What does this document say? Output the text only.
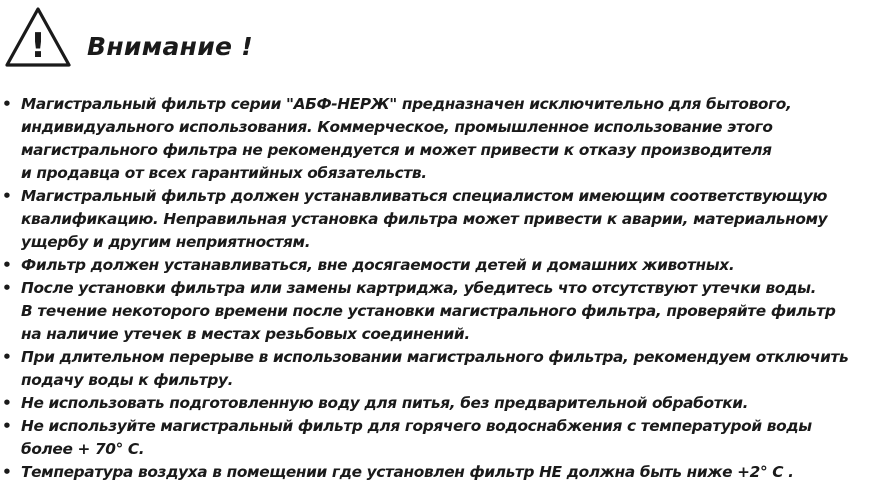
! Внимание !
• Магистральный фильтр серии "АБФ-НЕРЖ" предназначен исключительно для бытового,
индивидуального использования. Коммерческое, промышленное использование этого
магистрального фильтра не рекомендуется и может привести к отказу производителя
и продавца от всех гарантийных обязательств.
• Магистральный фильтр должен устанавливаться специалистом имеющим соответствующую
квалификацию. Неправильная установка фильтра может привести к аварии, материальному
ущербу и другим неприятностям.
• Фильтр должен устанавливаться, вне досягаемости детей и домашних животных.
• После установки фильтра или замены картриджа, убедитесь что отсутствуют утечки воды.
В течение некоторого времени после установки магистрального фильтра, проверяйте фильтр
на наличие утечек в местах резьбовых соединений.
• При длительном перерыве в использовании магистрального фильтра, рекомендуем отключить
подачу воды к фильтру.
• Не использовать подготовленную воду для питья, без предварительной обработки.
• Не используйте магистральный фильтр для горячего водоснабжения с температурой воды
более + 70° С.
• Температура воздуха в помещении где установлен фильтр НЕ должна быть ниже +2° С .
